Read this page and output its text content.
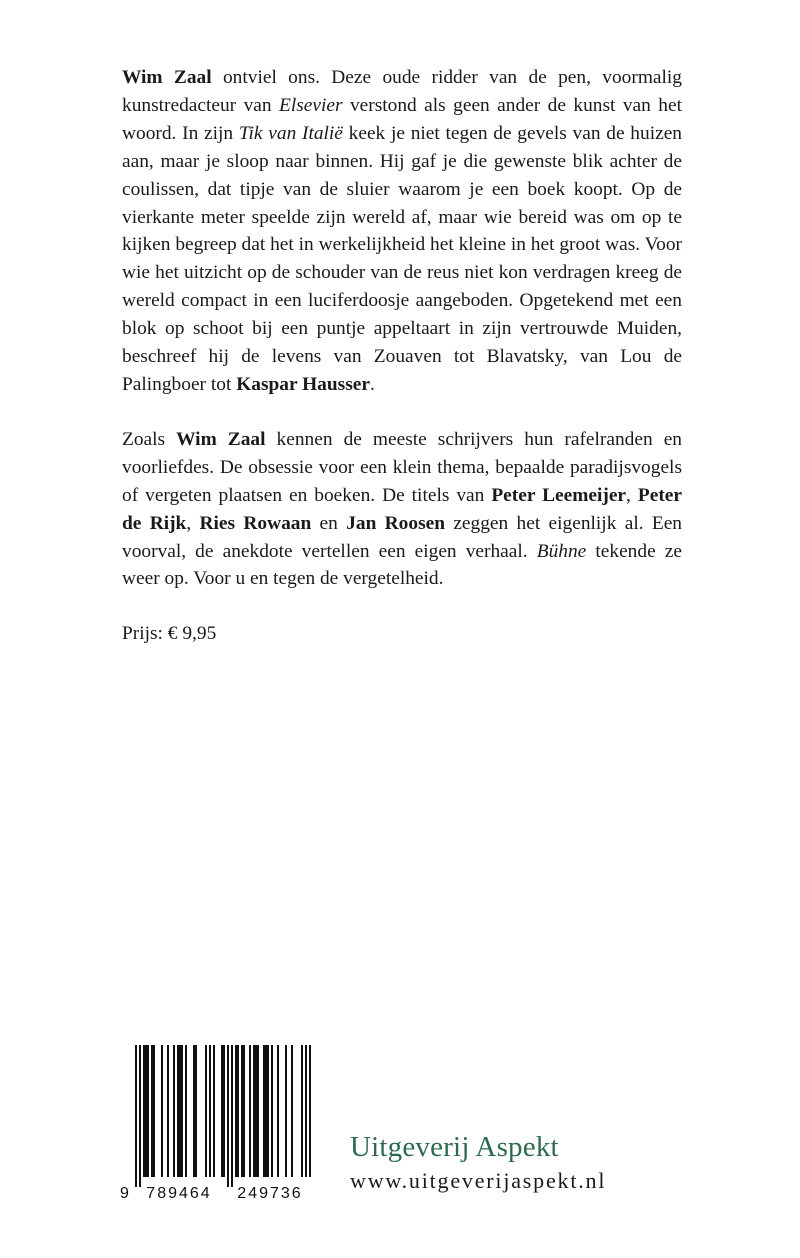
Wim Zaal ontviel ons. Deze oude ridder van de pen, voormalig kunstredacteur van Elsevier verstond als geen ander de kunst van het woord. In zijn Tik van Italië keek je niet tegen de gevels van de huizen aan, maar je sloop naar binnen. Hij gaf je die gewenste blik achter de coulissen, dat tipje van de sluier waarom je een boek koopt. Op de vierkante meter speelde zijn wereld af, maar wie bereid was om op te kijken begreep dat het in werkelijkheid het kleine in het groot was. Voor wie het uitzicht op de schouder van de reus niet kon verdragen kreeg de wereld compact in een luciferdoosje aangeboden. Opgetekend met een blok op schoot bij een puntje appeltaart in zijn vertrouwde Muiden, beschreef hij de levens van Zouaven tot Blavatsky, van Lou de Palingboer tot Kaspar Hausser.

Zoals Wim Zaal kennen de meeste schrijvers hun rafelranden en voorliefdes. De obsessie voor een klein thema, bepaalde paradijsvogels of vergeten plaatsen en boeken. De titels van Peter Leemeijer, Peter de Rijk, Ries Rowaan en Jan Roosen zeggen het eigenlijk al. Een voorval, de anekdote vertellen een eigen verhaal. Bühne tekende ze weer op. Voor u en tegen de vergetelheid.

Prijs: € 9,95

9 789464 249736
Uitgeverij Aspekt
www.uitgeverijaspekt.nl
